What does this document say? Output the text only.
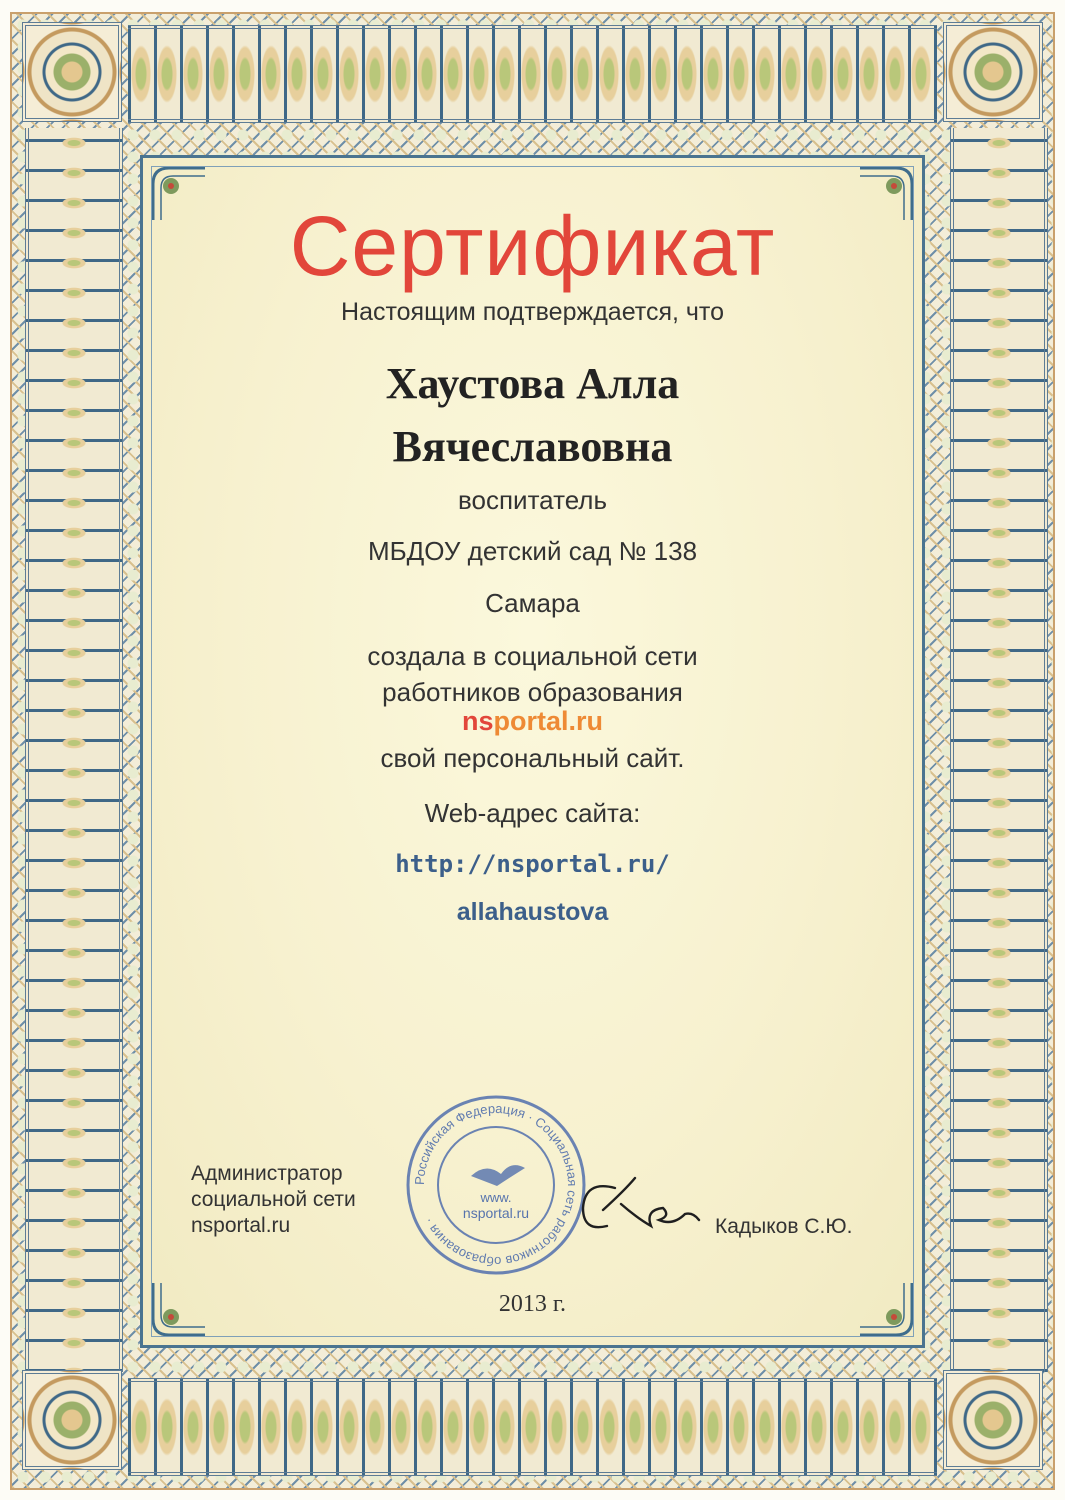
Сертификат
Настоящим подтверждается, что
Хаустова Алла
Вячеславовна
воспитатель
МБДОУ детский сад № 138
Самара
создала в социальной сети
работников образования
nsportal.ru
свой персональный сайт.
Web-адрес сайта:
http://nsportal.ru/
allahaustova
Администратор
социальной сети
nsportal.ru
Российская Федерация · Социальная сеть работников образования ·
www.
nsportal.ru
Кадыков С.Ю.
2013 г.
